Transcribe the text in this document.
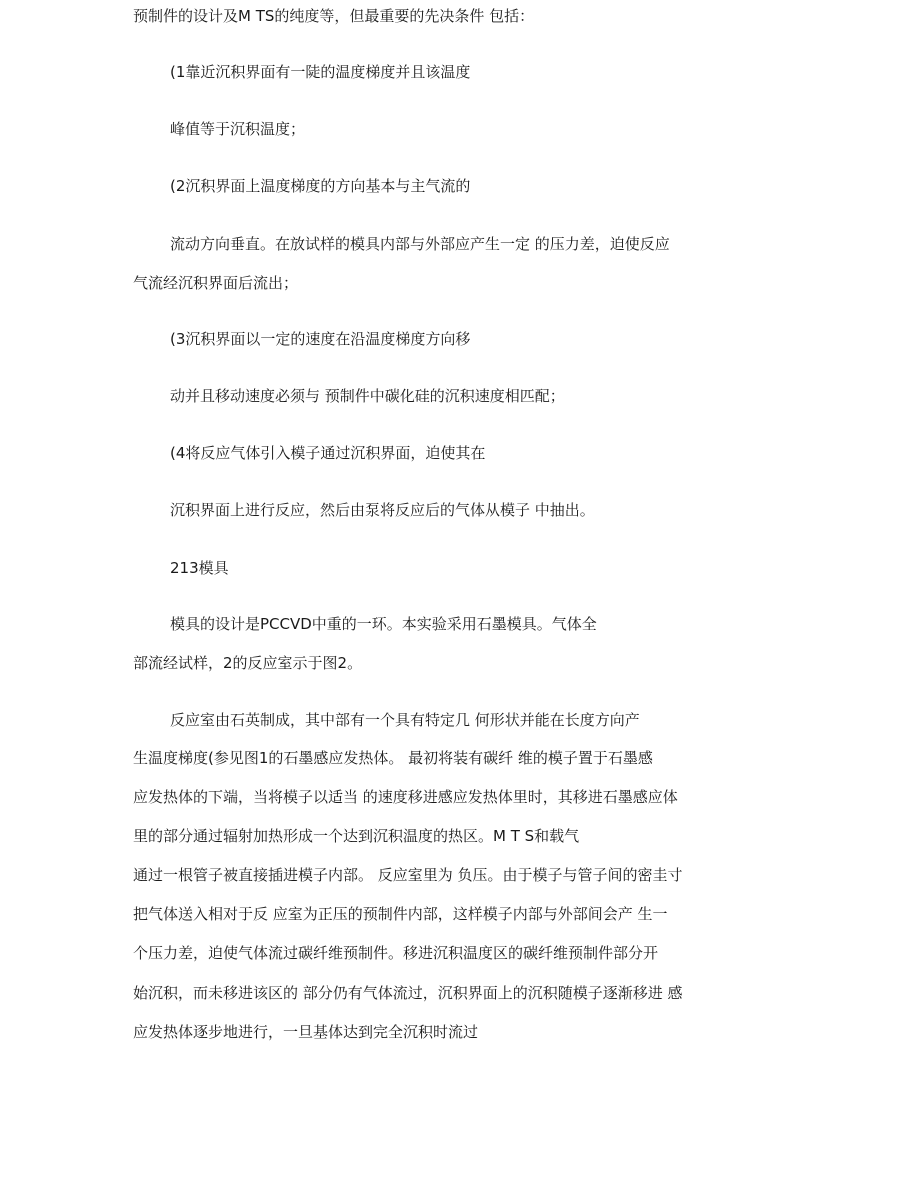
预制件的设计及M TS的纯度等，但最重要的先决条件 包括：
(1靠近沉积界面有一陡的温度梯度并且该温度
峰值等于沉积温度；
(2沉积界面上温度梯度的方向基本与主气流的
流动方向垂直。在放试样的模具内部与外部应产生一定 的压力差，迫使反应
气流经沉积界面后流出；
(3沉积界面以一定的速度在沿温度梯度方向移
动并且移动速度必须与 预制件中碳化硅的沉积速度相匹配；
(4将反应气体引入模子通过沉积界面，迫使其在
沉积界面上进行反应，然后由泵将反应后的气体从模子 中抽出。
213模具
模具的设计是PCCVD中重的一环。本实验采用石墨模具。气体全
部流经试样，2的反应室示于图2。
反应室由石英制成，其中部有一个具有特定几 何形状并能在长度方向产
生温度梯度(参见图1的石墨感应发热体。 最初将装有碳纤 维的模子置于石墨感
应发热体的下端，当将模子以适当 的速度移进感应发热体里时，其移进石墨感应体
里的部分通过辐射加热形成一个达到沉积温度的热区。M T S和载气
通过一根管子被直接插进模子内部。 反应室里为 负压。由于模子与管子间的密圭寸
把气体送入相对于反 应室为正压的预制件内部，这样模子内部与外部间会产 生一
个压力差，迫使气体流过碳纤维预制件。移进沉积温度区的碳纤维预制件部分开
始沉积，而未移进该区的 部分仍有气体流过，沉积界面上的沉积随模子逐渐移进 感
应发热体逐步地进行，一旦基体达到完全沉积时流过
